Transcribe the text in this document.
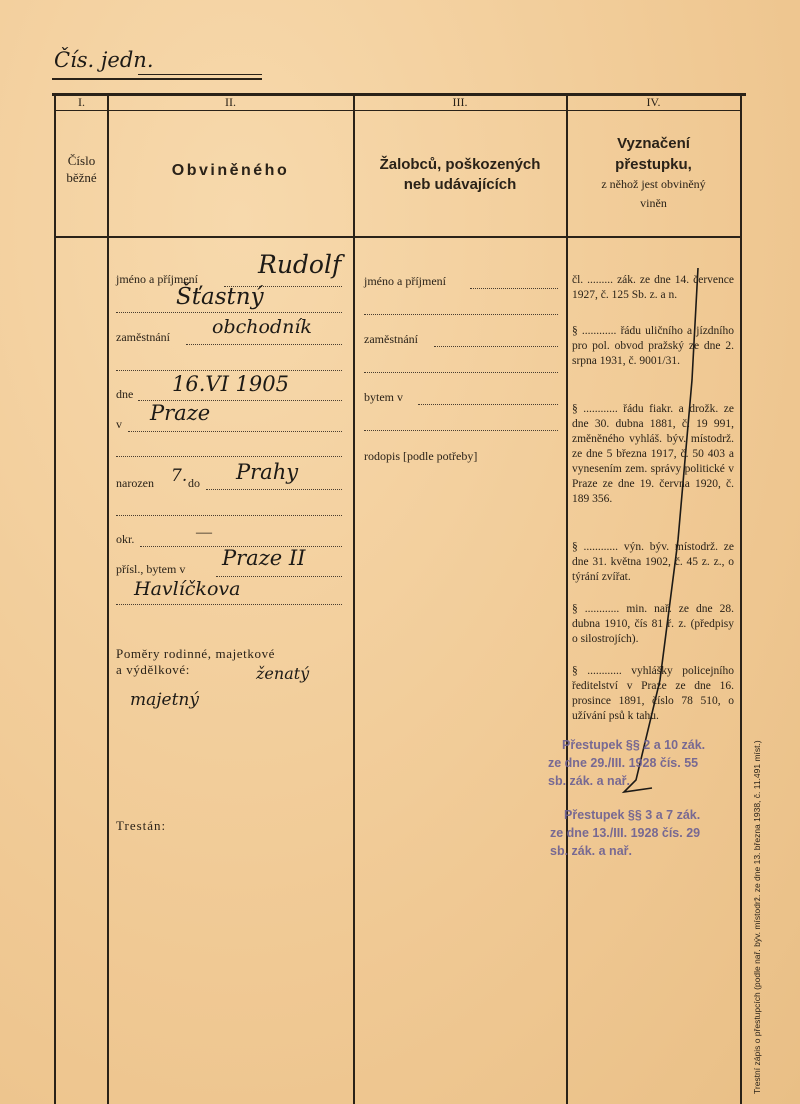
Čís. jedn.
I.	II.	III.	IV.
Číslo
běžné	Obviněného	Žalobců, poškozených
neb udávajících
Vyznačení
přestupku,
z něhož jest obviněný
viněn
jméno a příjmení Rudolf
Šťastný
zaměstnání obchodník
dne 16.VI 1905
v Praze
narozen 7. do Prahy
okr.	—
přísl., bytem v Praze II
Havlíčkova
Poměry rodinné, majetkové
a výdělkové:	ženatý
majetný
Trestán:
jméno a příjmení
zaměstnání
bytem v
rodopis [podle potřeby]
čl. ......... zák. ze dne 14. července 1927, č. 125 Sb. z. a n.
§ ............ řádu uličního a jízdního pro pol. obvod pražský ze dne 2. srpna 1931, č. 9001/31.
§ ............ řádu fiakr. a drožk. ze dne 30. dubna 1881, č. 19 991, změněného vyhláš. býv. místodrž. ze dne 5 března 1917, č. 50 403 a vynesením zem. správy politické v Praze ze dne 19. června 1920, č. 189 356.
§ ............ výn. býv. místodrž. ze dne 31. května 1902, č. 45 z. z., o týrání zvířat.
§ ............ min. nař. ze dne 28. dubna 1910, čís 81 ř. z. (předpisy o silostrojích).
§ ............ vyhlášky policejního ředitelství v Praze ze dne 16. prosince 1891, číslo 78 510, o užívání psů k tahu.
Přestupek §§ 2 a 10 zák.
ze dne 29./III. 1928 čís. 55
sb. zák. a nař.
Přestupek §§ 3 a 7 zák.
ze dne 13./III. 1928 čís. 29
sb. zák. a nař.	Trestní zápis o přestupcích (podle nař. býv. místodrž. ze dne 13. března 1938, č. 11.491 míst.)
